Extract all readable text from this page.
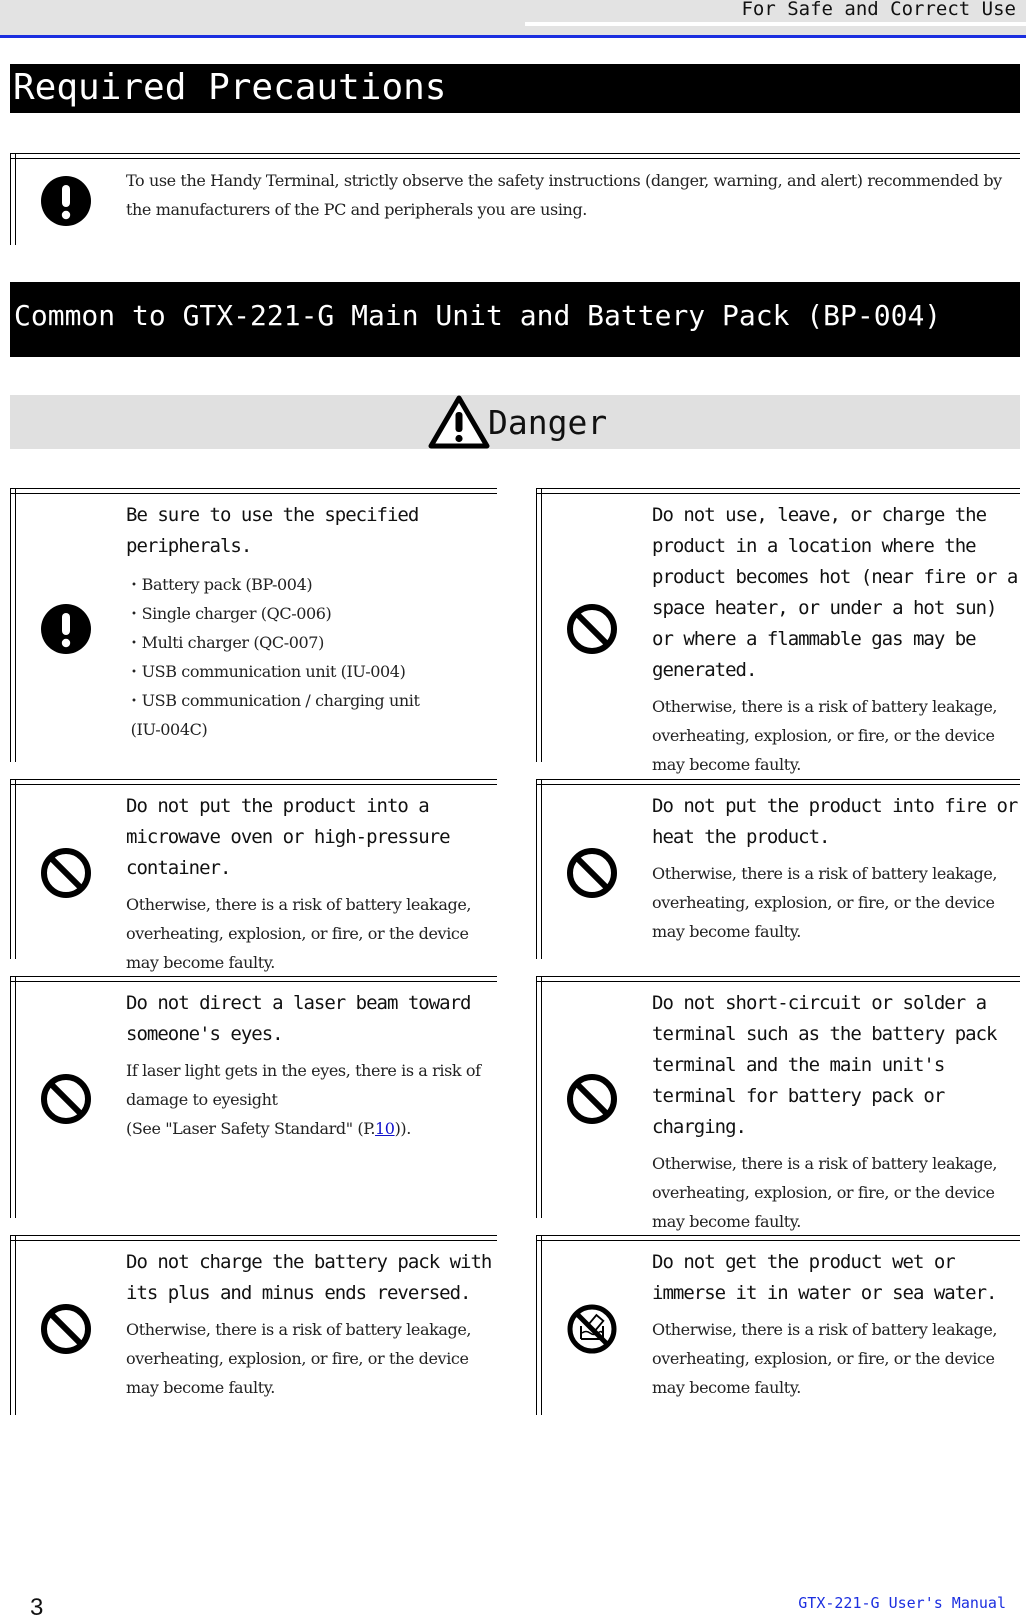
For Safe and Correct Use
Required Precautions

To use the Handy Terminal, strictly observe the safety instructions (danger, warning, and alert) recommended by the manufacturers of the PC and peripherals you are using.

Common to GTX-221-G Main Unit and Battery Pack (BP-004)
Danger

Be sure to use the specified peripherals.

・Battery pack (BP-004)
・Single charger (QC-006)
・Multi charger (QC-007)
・USB communication unit (IU-004)
・USB communication / charging unit
(IU-004C)

Do not use, leave, or charge the product in a location where the product becomes hot (near fire or a space heater, or under a hot sun) or where a flammable gas may be generated.

Otherwise, there is a risk of battery leakage, overheating, explosion, or fire, or the device may become faulty.

Do not put the product into a microwave oven or high-pressure container.

Otherwise, there is a risk of battery leakage, overheating, explosion, or fire, or the device may become faulty.

Do not put the product into fire or heat the product.

Otherwise, there is a risk of battery leakage, overheating, explosion, or fire, or the device may become faulty.

Do not direct a laser beam toward someone's eyes.

If laser light gets in the eyes, there is a risk of damage to eyesight

(See "Laser Safety Standard" (P.10)).

Do not short-circuit or solder a terminal such as the battery pack terminal and the main unit's terminal for battery pack or charging.

Otherwise, there is a risk of battery leakage, overheating, explosion, or fire, or the device may become faulty.

Do not charge the battery pack with its plus and minus ends reversed.

Otherwise, there is a risk of battery leakage, overheating, explosion, or fire, or the device may become faulty.

Do not get the product wet or immerse it in water or sea water.

Otherwise, there is a risk of battery leakage, overheating, explosion, or fire, or the device may become faulty.

3	GTX-221-G User's Manual
